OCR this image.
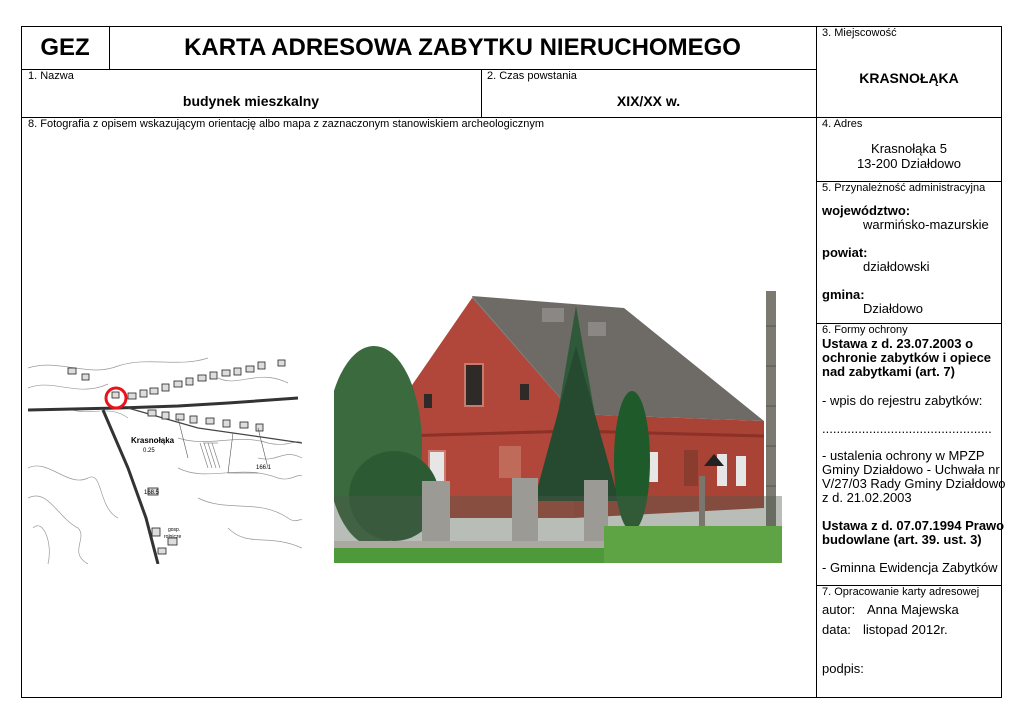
GEZ	KARTA ADRESOWA ZABYTKU NIERUCHOMEGO
1. Nazwa
budynek mieszkalny
2. Czas powstania
XIX/XX w.
3. Miejscowość
KRASNOŁĄKA
8. Fotografia z opisem wskazującym orientację albo mapa z zaznaczonym stanowiskiem archeologicznym	4. Adres
Krasnołąka 5
13-200 Działdowo
5. Przynależność administracyjna
województwo:
warmińsko-mazurskie
powiat:
działdowski
gmina:
Działdowo
6. Formy ochrony
Ustawa z d. 23.07.2003 o
ochronie zabytków i opiece
nad zabytkami (art. 7)
- wpis do rejestru zabytków:
...............................................
- ustalenia ochrony w MPZP
Gminy Działdowo - Uchwała nr
V/27/03 Rady Gminy Działdowo
z d. 21.02.2003
Ustawa z d. 07.07.1994 Prawo
budowlane (art. 39. ust. 3)
- Gminna Ewidencja Zabytków
7. Opracowanie karty adresowej
autor: Anna Majewska
data: listopad 2012r.
podpis:
Krasnołąka
0.25
166.1
168.5
gosp.
rolnicze
